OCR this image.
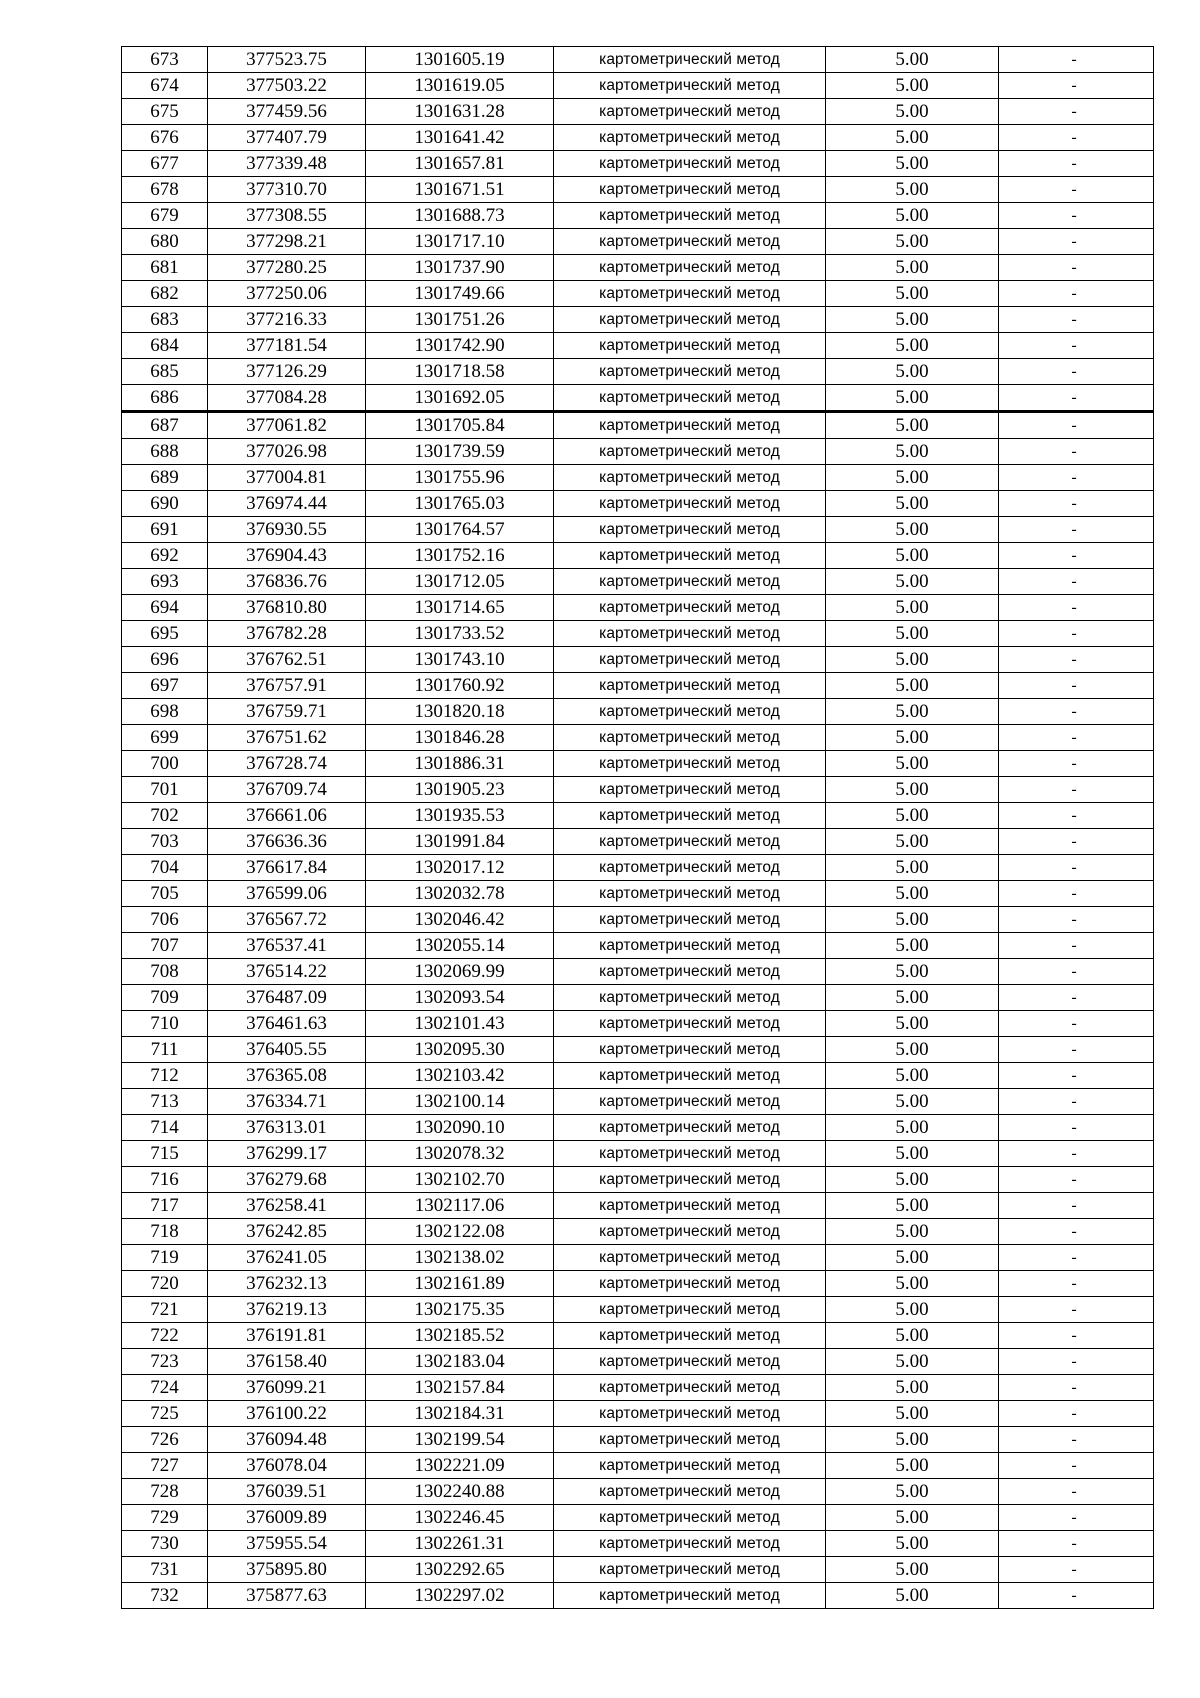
673	377523.75	1301605.19	картометрический метод	5.00	-
674	377503.22	1301619.05	картометрический метод	5.00	-
675	377459.56	1301631.28	картометрический метод	5.00	-
676	377407.79	1301641.42	картометрический метод	5.00	-
677	377339.48	1301657.81	картометрический метод	5.00	-
678	377310.70	1301671.51	картометрический метод	5.00	-
679	377308.55	1301688.73	картометрический метод	5.00	-
680	377298.21	1301717.10	картометрический метод	5.00	-
681	377280.25	1301737.90	картометрический метод	5.00	-
682	377250.06	1301749.66	картометрический метод	5.00	-
683	377216.33	1301751.26	картометрический метод	5.00	-
684	377181.54	1301742.90	картометрический метод	5.00	-
685	377126.29	1301718.58	картометрический метод	5.00	-
686	377084.28	1301692.05	картометрический метод	5.00	-
687	377061.82	1301705.84	картометрический метод	5.00	-
688	377026.98	1301739.59	картометрический метод	5.00	-
689	377004.81	1301755.96	картометрический метод	5.00	-
690	376974.44	1301765.03	картометрический метод	5.00	-
691	376930.55	1301764.57	картометрический метод	5.00	-
692	376904.43	1301752.16	картометрический метод	5.00	-
693	376836.76	1301712.05	картометрический метод	5.00	-
694	376810.80	1301714.65	картометрический метод	5.00	-
695	376782.28	1301733.52	картометрический метод	5.00	-
696	376762.51	1301743.10	картометрический метод	5.00	-
697	376757.91	1301760.92	картометрический метод	5.00	-
698	376759.71	1301820.18	картометрический метод	5.00	-
699	376751.62	1301846.28	картометрический метод	5.00	-
700	376728.74	1301886.31	картометрический метод	5.00	-
701	376709.74	1301905.23	картометрический метод	5.00	-
702	376661.06	1301935.53	картометрический метод	5.00	-
703	376636.36	1301991.84	картометрический метод	5.00	-
704	376617.84	1302017.12	картометрический метод	5.00	-
705	376599.06	1302032.78	картометрический метод	5.00	-
706	376567.72	1302046.42	картометрический метод	5.00	-
707	376537.41	1302055.14	картометрический метод	5.00	-
708	376514.22	1302069.99	картометрический метод	5.00	-
709	376487.09	1302093.54	картометрический метод	5.00	-
710	376461.63	1302101.43	картометрический метод	5.00	-
711	376405.55	1302095.30	картометрический метод	5.00	-
712	376365.08	1302103.42	картометрический метод	5.00	-
713	376334.71	1302100.14	картометрический метод	5.00	-
714	376313.01	1302090.10	картометрический метод	5.00	-
715	376299.17	1302078.32	картометрический метод	5.00	-
716	376279.68	1302102.70	картометрический метод	5.00	-
717	376258.41	1302117.06	картометрический метод	5.00	-
718	376242.85	1302122.08	картометрический метод	5.00	-
719	376241.05	1302138.02	картометрический метод	5.00	-
720	376232.13	1302161.89	картометрический метод	5.00	-
721	376219.13	1302175.35	картометрический метод	5.00	-
722	376191.81	1302185.52	картометрический метод	5.00	-
723	376158.40	1302183.04	картометрический метод	5.00	-
724	376099.21	1302157.84	картометрический метод	5.00	-
725	376100.22	1302184.31	картометрический метод	5.00	-
726	376094.48	1302199.54	картометрический метод	5.00	-
727	376078.04	1302221.09	картометрический метод	5.00	-
728	376039.51	1302240.88	картометрический метод	5.00	-
729	376009.89	1302246.45	картометрический метод	5.00	-
730	375955.54	1302261.31	картометрический метод	5.00	-
731	375895.80	1302292.65	картометрический метод	5.00	-
732	375877.63	1302297.02	картометрический метод	5.00	-
